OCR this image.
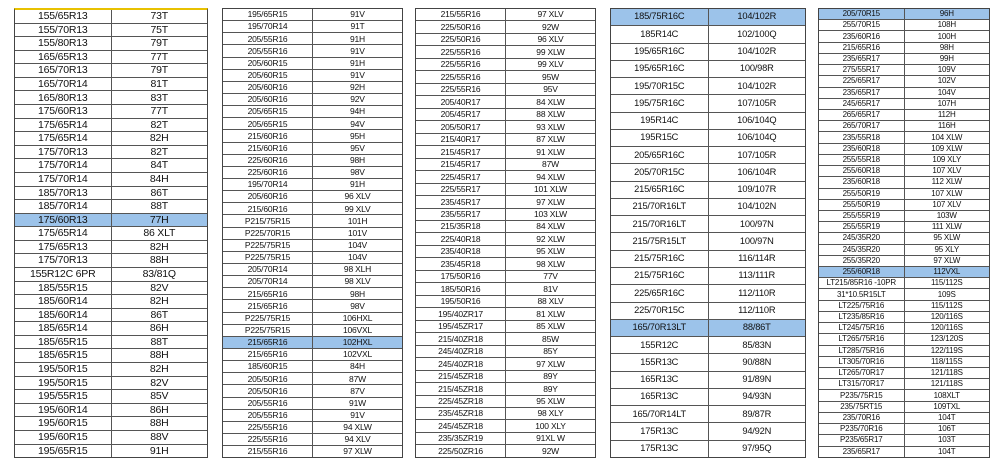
155/65R13	73T
155/70R13	75T
155/80R13	79T
165/65R13	77T
165/70R13	79T
165/70R14	81T
165/80R13	83T
175/60R13	77T
175/65R14	82T
175/65R14	82H
175/70R13	82T
175/70R14	84T
175/70R14	84H
185/70R13	86T
185/70R14	88T
175/60R13	77H
175/65R14	86 XLT
175/65R13	82H
175/70R13	88H
155R12C 6PR	83/81Q
185/55R15	82V
185/60R14	82H
185/60R14	86T
185/65R14	86H
185/65R15	88T
185/65R15	88H
195/50R15	82H
195/50R15	82V
195/55R15	85V
195/60R14	86H
195/60R15	88H
195/60R15	88V
195/65R15	91H
195/65R15	91V
195/70R14	91T
205/55R16	91H
205/55R16	91V
205/60R15	91H
205/60R15	91V
205/60R16	92H
205/60R16	92V
205/65R15	94H
205/65R15	94V
215/60R16	95H
215/60R16	95V
225/60R16	98H
225/60R16	98V
195/70R14	91H
205/60R16	96 XLV
215/60R16	99 XLV
P215/75R15	101H
P225/70R15	101V
P225/75R15	104V
P225/75R15	104V
205/70R14	98 XLH
205/70R14	98 XLV
215/65R16	98H
215/65R16	98V
P225/75R15	106HXL
P225/75R15	106VXL
215/65R16	102HXL
215/65R16	102VXL
185/60R15	84H
205/50R16	87W
205/50R16	87V
205/55R16	91W
205/55R16	91V
225/55R16	94 XLW
225/55R16	94 XLV
215/55R16	97 XLW
215/55R16	97 XLV
225/50R16	92W
225/50R16	96 XLV
225/55R16	99 XLW
225/55R16	99 XLV
225/55R16	95W
225/55R16	95V
205/40R17	84 XLW
205/45R17	88 XLW
205/50R17	93 XLW
215/40R17	87 XLW
215/45R17	91 XLW
215/45R17	87W
225/45R17	94 XLW
225/55R17	101 XLW
235/45R17	97 XLW
235/55R17	103 XLW
215/35R18	84 XLW
225/40R18	92 XLW
235/40R18	95 XLW
235/45R18	98 XLW
175/50R16	77V
185/50R16	81V
195/50R16	88 XLV
195/40ZR17	81 XLW
195/45ZR17	85 XLW
215/40ZR18	85W
245/40ZR18	85Y
245/40ZR18	97 XLW
215/45ZR18	89Y
215/45ZR18	89Y
225/45ZR18	95 XLW
235/45ZR18	98 XLY
245/45ZR18	100 XLY
235/35ZR19	91XL W
225/50ZR16	92W
185/75R16C	104/102R
185R14C	102/100Q
195/65R16C	104/102R
195/65R16C	100/98R
195/70R15C	104/102R
195/75R16C	107/105R
195R14C	106/104Q
195R15C	106/104Q
205/65R16C	107/105R
205/70R15C	106/104R
215/65R16C	109/107R
215/70R16LT	104/102N
215/70R16LT	100/97N
215/75R15LT	100/97N
215/75R16C	116/114R
215/75R16C	113/111R
225/65R16C	112/110R
225/70R15C	112/110R
165/70R13LT	88/86T
155R12C	85/83N
155R13C	90/88N
165R13C	91/89N
165R13C	94/93N
165/70R14LT	89/87R
175R13C	94/92N
175R13C	97/95Q
205/70R15	96H
255/70R15	108H
235/60R16	100H
215/65R16	98H
235/65R17	99H
275/55R17	109V
225/65R17	102V
235/65R17	104V
245/65R17	107H
265/65R17	112H
265/70R17	116H
235/55R18	104 XLW
235/60R18	109 XLW
255/55R18	109 XLY
255/60R18	107 XLV
235/60R18	112 XLW
255/50R19	107 XLW
255/50R19	107 XLV
255/55R19	103W
255/55R19	111 XLW
245/35R20	95 XLW
245/35R20	95 XLY
255/35R20	97 XLW
255/60R18	112VXL
LT215/85R16 -10PR	115/112S
31*10.5R15LT	109S
LT225/75R16	115/112S
LT235/85R16	120/116S
LT245/75R16	120/116S
LT265/75R16	123/120S
LT285/75R16	122/119S
LT305/70R16	118/115S
LT265/70R17	121/118S
LT315/70R17	121/118S
P235/75R15	108XLT
235/75RT15	109TXL
235/70R16	104T
P235/70R16	106T
P235/65R17	103T
235/65R17	104T
